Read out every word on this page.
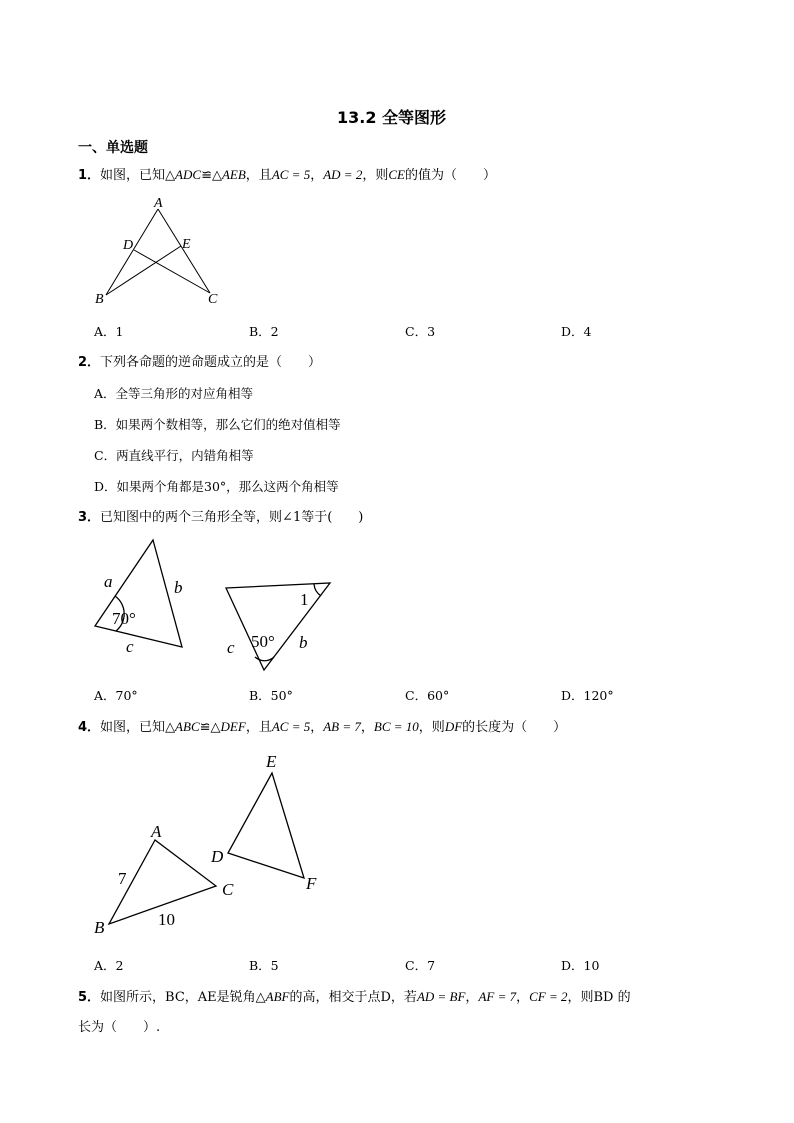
13.2 全等图形
一、单选题
1．如图，已知△ADC≌△AEB，且AC = 5，AD = 2，则CE的值为（　　）
A
D	E
B	C
A．1	B．2	C．3	D．4
2．下列各命题的逆命题成立的是（　　）
A．全等三角形的对应角相等
B．如果两个数相等，那么它们的绝对值相等
C．两直线平行，内错角相等
D．如果两个角都是30°，那么这两个角相等
3．已知图中的两个三角形全等，则∠1等于(　　)
a	b
70°
c
1
50° b
c
A．70°	B．50°	C．60°	D．120°
4．如图，已知△ABC≌△DEF，且AC = 5，AB = 7，BC = 10，则DF的长度为（　　）
A
B
C
D
E
F
7
10
A．2	B．5	C．7	D．10
5．如图所示，BC，AE是锐角△ABF的高，相交于点D，若AD = BF，AF = 7，CF = 2，则BD 的
长为（　　）.
